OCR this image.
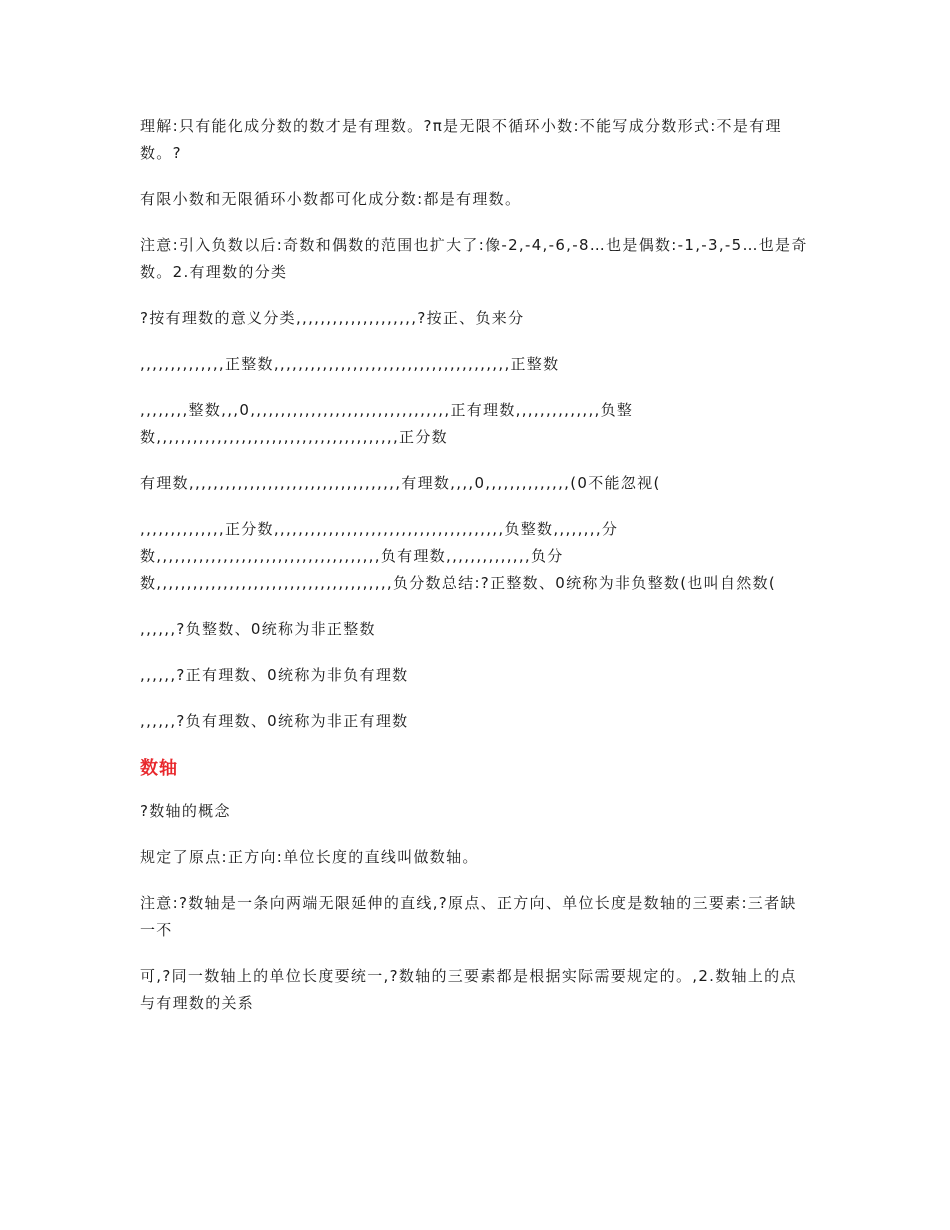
理解:只有能化成分数的数才是有理数。?π是无限不循环小数:不能写成分数形式:不是有理数。?

有限小数和无限循环小数都可化成分数:都是有理数。

注意:引入负数以后:奇数和偶数的范围也扩大了:像-2,-4,-6,-8…也是偶数:-1,-3,-5…也是奇数。2.有理数的分类

?按有理数的意义分类,,,,,,,,,,,,,,,,,,,,?按正、负来分

,,,,,,,,,,,,,,正整数,,,,,,,,,,,,,,,,,,,,,,,,,,,,,,,,,,,,,,,正整数

,,,,,,,,整数,,,0,,,,,,,,,,,,,,,,,,,,,,,,,,,,,,,,,正有理数,,,,,,,,,,,,,,负整数,,,,,,,,,,,,,,,,,,,,,,,,,,,,,,,,,,,,,,,,正分数

有理数,,,,,,,,,,,,,,,,,,,,,,,,,,,,,,,,,,,有理数,,,,0,,,,,,,,,,,,,,(0不能忽视(

,,,,,,,,,,,,,,正分数,,,,,,,,,,,,,,,,,,,,,,,,,,,,,,,,,,,,,,负整数,,,,,,,,分数,,,,,,,,,,,,,,,,,,,,,,,,,,,,,,,,,,,,,负有理数,,,,,,,,,,,,,,负分数,,,,,,,,,,,,,,,,,,,,,,,,,,,,,,,,,,,,,,,负分数总结:?正整数、0统称为非负整数(也叫自然数(

,,,,,,?负整数、0统称为非正整数

,,,,,,?正有理数、0统称为非负有理数

,,,,,,?负有理数、0统称为非正有理数

数轴

?数轴的概念

规定了原点:正方向:单位长度的直线叫做数轴。

注意:?数轴是一条向两端无限延伸的直线,?原点、正方向、单位长度是数轴的三要素:三者缺一不

可,?同一数轴上的单位长度要统一,?数轴的三要素都是根据实际需要规定的。,2.数轴上的点与有理数的关系
